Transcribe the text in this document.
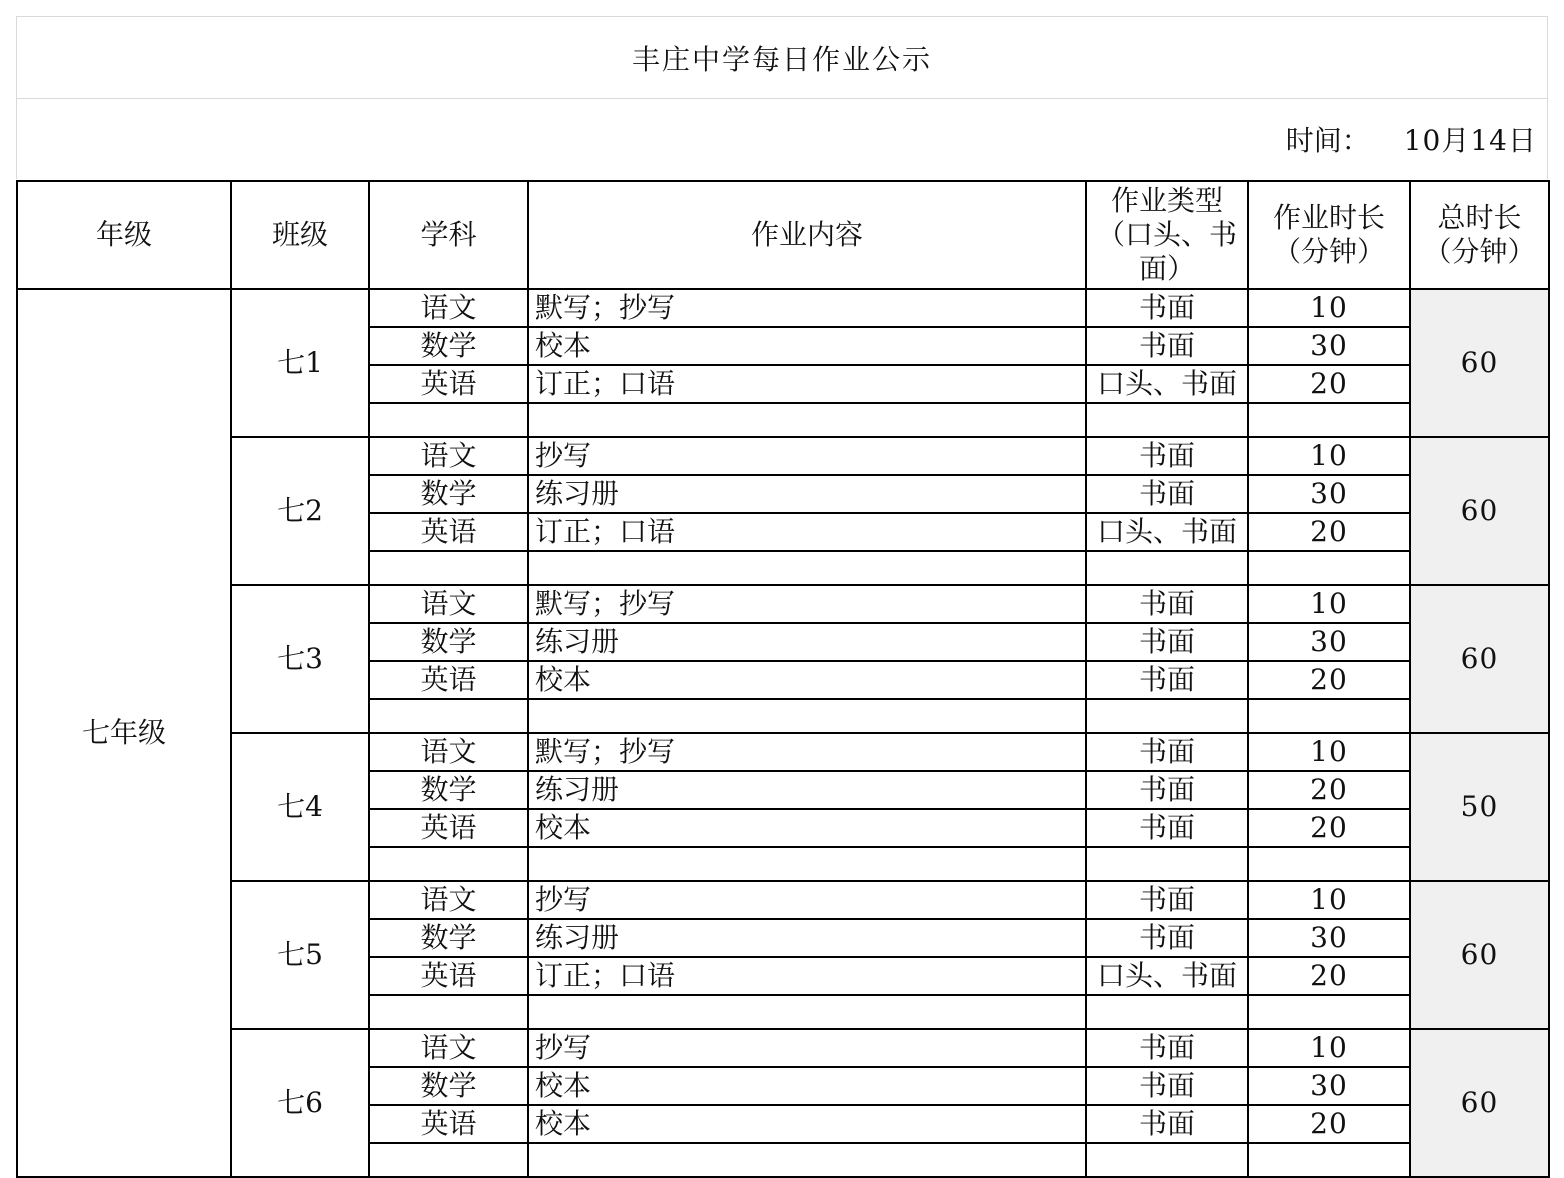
丰庄中学每日作业公示
时间： 10月14日
年级	班级	学科	作业内容	作业类型（口头、书面）	作业时长（分钟）	总时长（分钟）
七年级	七1	语文	默写；抄写	书面	10	60
		数学	校本	书面	30	
		英语	订正；口语	口头、书面	20	

	七2	语文	抄写	书面	10	60
		数学	练习册	书面	30	
		英语	订正；口语	口头、书面	20	

	七3	语文	默写；抄写	书面	10	60
		数学	练习册	书面	30	
		英语	校本	书面	20	

	七4	语文	默写；抄写	书面	10	50
		数学	练习册	书面	20	
		英语	校本	书面	20	

	七5	语文	抄写	书面	10	60
		数学	练习册	书面	30	
		英语	订正；口语	口头、书面	20	

	七6	语文	抄写	书面	10	60
		数学	校本	书面	30	
		英语	校本	书面	20	
